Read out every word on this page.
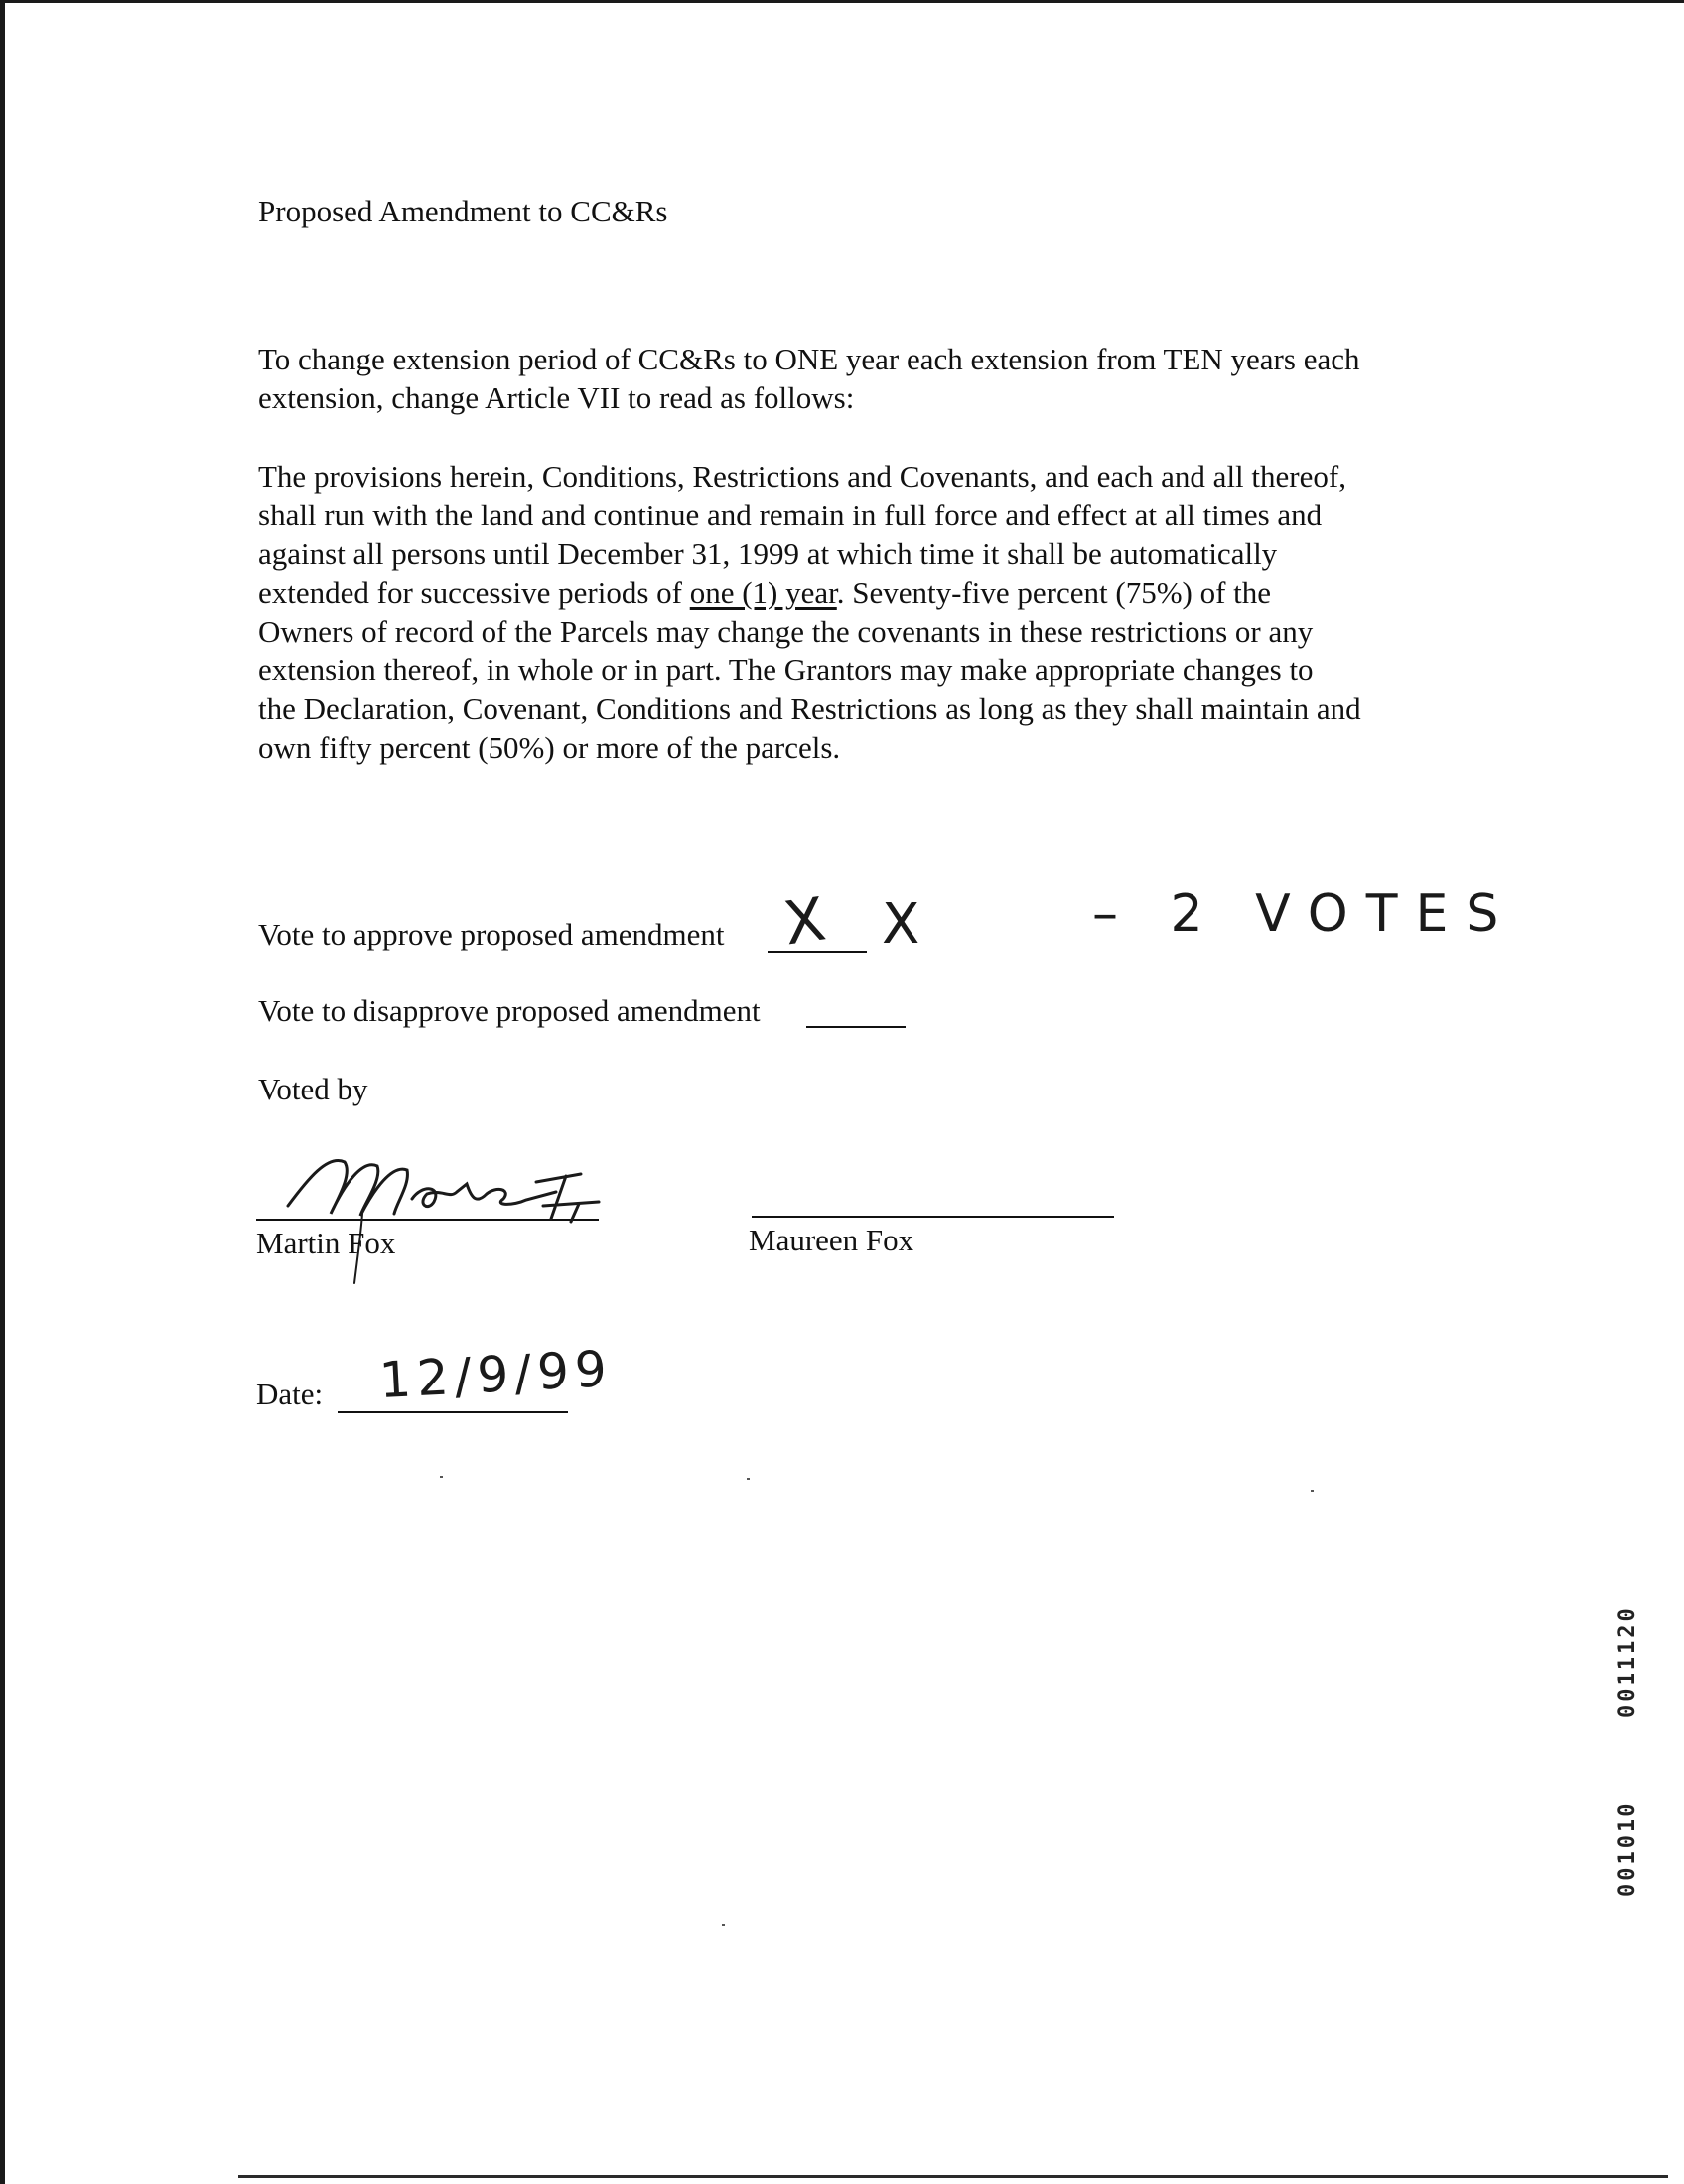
Proposed Amendment to CC&Rs
To change extension period of CC&Rs to ONE year each extension from TEN years each
extension, change Article VII to read as follows:
The provisions herein, Conditions, Restrictions and Covenants, and each and all thereof,
shall run with the land and continue and remain in full force and effect at all times and
against all persons until December 31, 1999 at which time it shall be automatically
extended for successive periods of one (1) year. Seventy-five percent (75%) of the
Owners of record of the Parcels may change the covenants in these restrictions or any
extension thereof, in whole or in part. The Grantors may make appropriate changes to
the Declaration, Covenant, Conditions and Restrictions as long as they shall maintain and
own fifty percent (50%) or more of the parcels.
Vote to approve proposed amendment X X	– 2 VOTES
Vote to disapprove proposed amendment
Voted by
Martin Fox	Maureen Fox
Date: 12/9/99
0011120
001010
